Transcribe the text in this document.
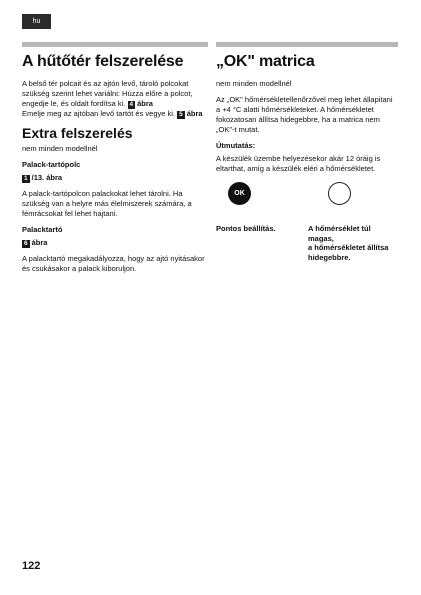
hu
A hűtőtér felszerelése

A belső tér polcait és az ajtón levő, tároló polcokat szükség szerint lehet variálni: Húzza előre a polcot, engedje le, és oldalt fordítsa ki. 4 ábra
Emelje meg az ajtóban levő tartót és vegye ki. 5 ábra

Extra felszerelés

nem minden modellnél

Palack-tartópolc

1 /13. ábra

A palack-tartópolcon palackokat lehet tárolni. Ha szükség van a helyre más élelmiszerek számára, a fémrácsokat fel lehet hajtani.

Palacktartó

6 ábra

A palacktartó megakadályozza, hogy az ajtó nyitásakor és csukásakor a palack kiboruljon.

„OK" matrica

nem minden modellnél

Az „OK" hőmérsékletellenőrzővel meg lehet állapitani a +4 °C alatti hőmérsékleteket. A hőmérsékletet fokozatosan állítsa hidegebbre, ha a matrica nem „OK"-t mutat.

Útmutatás:

A készülék üzembe helyezésekor akár 12 óráig is eltarthat, amíg a készülék eléri a hőmérsékletet.

OK
Pontos beállítás.	A hőmérséklet túl magas,
a hőmérsékletet állítsa hidegebbre.
122
